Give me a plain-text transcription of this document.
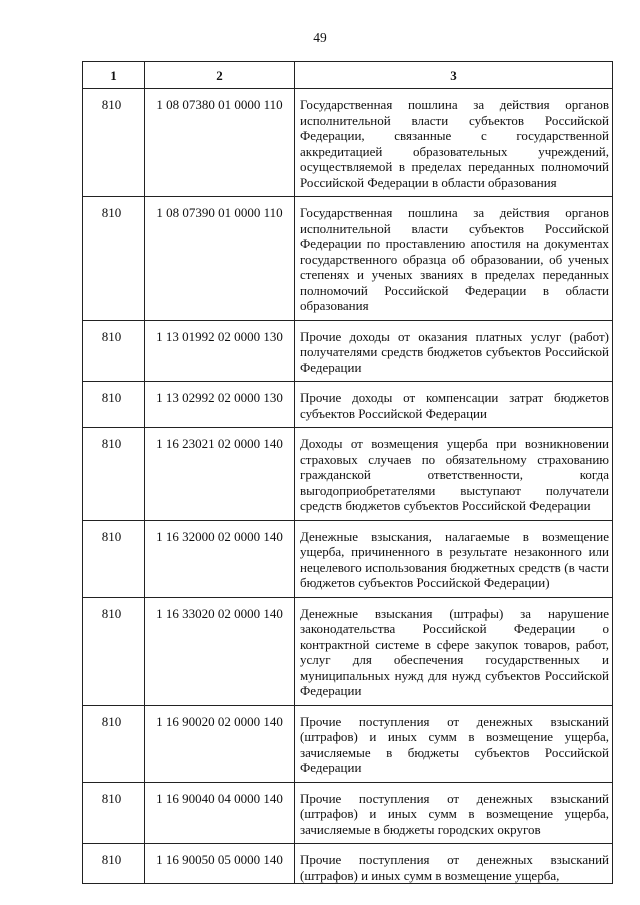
49
1	2	3
810	1 08 07380 01 0000 110	Государственная пошлина за действия органов исполнительной власти субъектов Российской Федерации, связанные с государственной аккредитацией образовательных учреждений, осуществляемой в пределах переданных полномочий Российской Федерации в области образования
810	1 08 07390 01 0000 110	Государственная пошлина за действия органов исполнительной власти субъектов Российской Федерации по проставлению апостиля на документах государственного образца об образовании, об ученых степенях и ученых званиях в пределах переданных полномочий Российской Федерации в области образования
810	1 13 01992 02 0000 130	Прочие доходы от оказания платных услуг (работ) получателями средств бюджетов субъектов Российской Федерации
810	1 13 02992 02 0000 130	Прочие доходы от компенсации затрат бюджетов субъектов Российской Федерации
810	1 16 23021 02 0000 140	Доходы от возмещения ущерба при возникновении страховых случаев по обязательному страхованию гражданской ответственности, когда выгодоприобретателями выступают получатели средств бюджетов субъектов Российской Федерации
810	1 16 32000 02 0000 140	Денежные взыскания, налагаемые в возмещение ущерба, причиненного в результате незаконного или нецелевого использования бюджетных средств (в части бюджетов субъектов Российской Федерации)
810	1 16 33020 02 0000 140	Денежные взыскания (штрафы) за нарушение законодательства Российской Федерации о контрактной системе в сфере закупок товаров, работ, услуг для обеспечения государственных и муниципальных нужд для нужд субъектов Российской Федерации
810	1 16 90020 02 0000 140	Прочие поступления от денежных взысканий (штрафов) и иных сумм в возмещение ущерба, зачисляемые в бюджеты субъектов Российской Федерации
810	1 16 90040 04 0000 140	Прочие поступления от денежных взысканий (штрафов) и иных сумм в возмещение ущерба, зачисляемые в бюджеты городских округов
810	1 16 90050 05 0000 140	Прочие поступления от денежных взысканий (штрафов) и иных сумм в возмещение ущерба,
